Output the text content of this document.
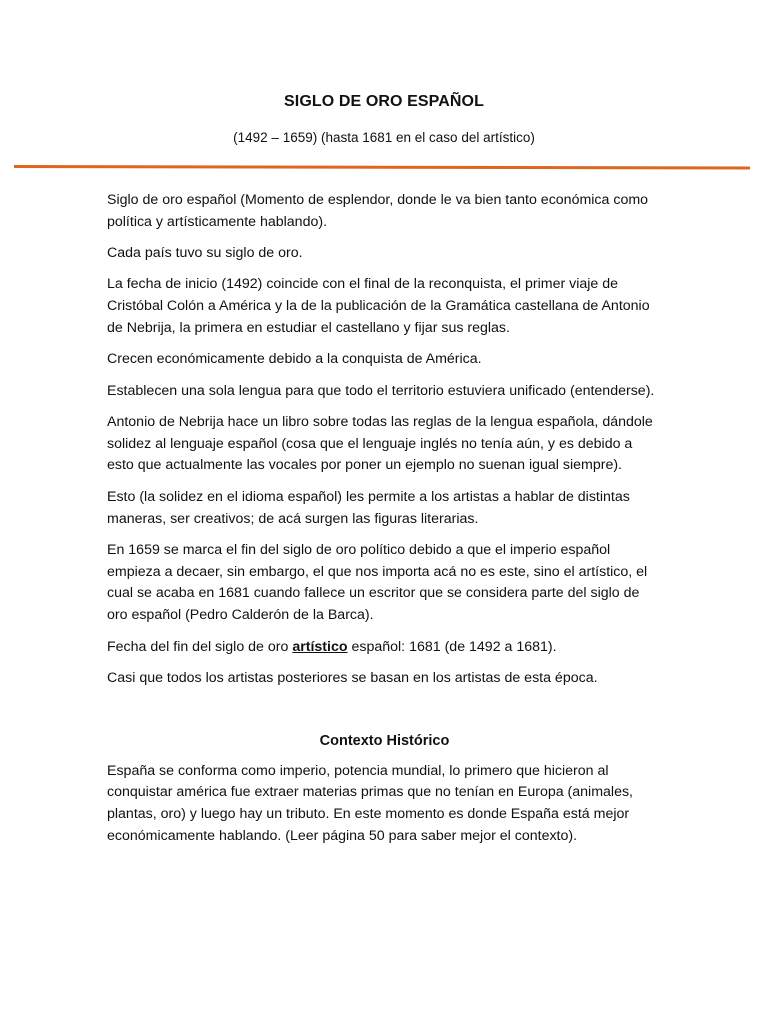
SIGLO DE ORO ESPAÑOL
(1492 – 1659) (hasta 1681 en el caso del artístico)

Siglo de oro español (Momento de esplendor, donde le va bien tanto económica como política y artísticamente hablando).

Cada país tuvo su siglo de oro.

La fecha de inicio (1492) coincide con el final de la reconquista, el primer viaje de Cristóbal Colón a América y la de la publicación de la Gramática castellana de Antonio de Nebrija, la primera en estudiar el castellano y fijar sus reglas.

Crecen económicamente debido a la conquista de América.

Establecen una sola lengua para que todo el territorio estuviera unificado (entenderse).

Antonio de Nebrija hace un libro sobre todas las reglas de la lengua española, dándole solidez al lenguaje español (cosa que el lenguaje inglés no tenía aún, y es debido a esto que actualmente las vocales por poner un ejemplo no suenan igual siempre).

Esto (la solidez en el idioma español) les permite a los artistas a hablar de distintas maneras, ser creativos; de acá surgen las figuras literarias.

En 1659 se marca el fin del siglo de oro político debido a que el imperio español empieza a decaer, sin embargo, el que nos importa acá no es este, sino el artístico, el cual se acaba en 1681 cuando fallece un escritor que se considera parte del siglo de oro español (Pedro Calderón de la Barca).

Fecha del fin del siglo de oro artístico español: 1681 (de 1492 a 1681).

Casi que todos los artistas posteriores se basan en los artistas de esta época.

Contexto Histórico

España se conforma como imperio, potencia mundial, lo primero que hicieron al conquistar américa fue extraer materias primas que no tenían en Europa (animales, plantas, oro) y luego hay un tributo. En este momento es donde España está mejor económicamente hablando. (Leer página 50 para saber mejor el contexto).
